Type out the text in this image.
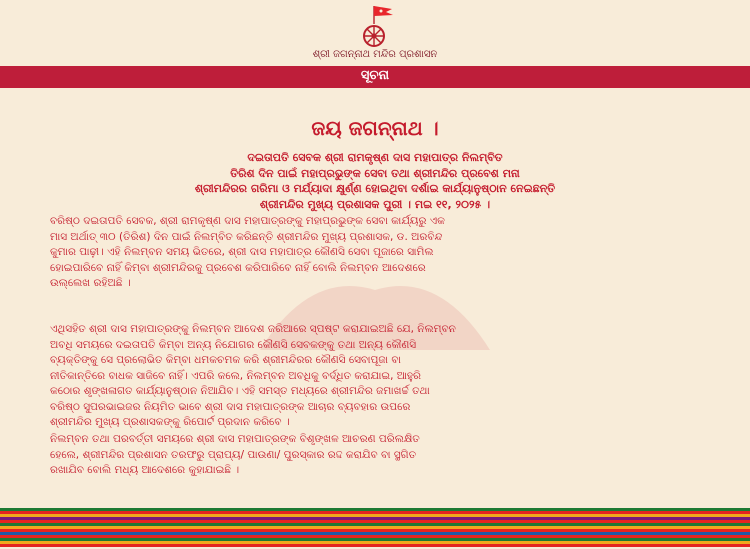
ଶ୍ରୀ ଜଗନ୍ନାଥ ମନ୍ଦିର ପ୍ରଶାସନ
ସୂଚନା
ଜୟ ଜଗନ୍ନାଥ ।
ଦଇତାପତି ସେବକ ଶ୍ରୀ ରାମକୃଷ୍ଣ ଦାସ ମହାପାତ୍ର ନିଲମ୍ବିତ
ତିରିଶ ଦିନ ପାଇଁ ମହାପ୍ରଭୁଙ୍କ ସେବା ତଥା ଶ୍ରୀମନ୍ଦିର ପ୍ରବେଶ ମନା
ଶ୍ରୀମନ୍ଦିରର ଗରିମା ଓ ମର୍ଯ୍ୟାଦା କ୍ଷୁର୍ଣ୍ଣ ହୋଇଥିବା ଦର୍ଶାଇ କାର୍ଯ୍ୟାନୁଷ୍ଠାନ ନେଇଛନ୍ତି
ଶ୍ରୀମନ୍ଦିର ମୁଖ୍ୟ ପ୍ରଶାସକ ପୁରୀ । ମଇ ୧୧, ୨୦୨୫ ।
ବରିଷ୍ଠ ଦଇତାପତି ସେବକ, ଶ୍ରୀ ରାମକୃଷ୍ଣ ଦାସ ମହାପାତ୍ରଙ୍କୁ ମହାପ୍ରଭୁଙ୍କ ସେବା କାର୍ଯ୍ୟରୁ ଏକ
ମାସ ଅର୍ଥାତ୍ ୩୦ (ତିରିଶ) ଦିନ ପାଇଁ ନିଲମ୍ବିତ କରିଛନ୍ତି ଶ୍ରୀମନ୍ଦିର ମୁଖ୍ୟ ପ୍ରଶାସକ, ଡ. ଅରବିନ୍ଦ
କୁମାର ପାଢ଼ୀ। ଏହି ନିଲମ୍ବନ ସମୟ ଭିତରେ, ଶ୍ରୀ ଦାସ ମହାପାତ୍ର କୌଣସି ସେବା ପୂଜାରେ ସାମିଲ
ହୋଇପାରିବେ ନାହିଁ କିମ୍ବା ଶ୍ରୀମନ୍ଦିରକୁ ପ୍ରବେଶ କରିପାରିବେ ନାହିଁ ବୋଲି ନିଲମ୍ବନ ଆଦେଶରେ
ଉଲ୍ଲେଖ ରହିଅଛି ।
ଏଥିସହିତ ଶ୍ରୀ ଦାସ ମହାପାତ୍ରଙ୍କୁ ନିଲମ୍ବନ ଆଦେଶ ଜରିଆରେ ସ୍ପଷ୍ଟ କରାଯାଇଅଛି ଯେ, ନିଲମ୍ବନ
ଅବଧି ସମୟରେ ଦଇତାପତି କିମ୍ବା ଅନ୍ୟ ନିଯୋଗର କୌଣସି ସେବକଙ୍କୁ ତଥା ଅନ୍ୟ କୌଣସି
ବ୍ୟକ୍ତିଙ୍କୁ ସେ ପ୍ରଲୋଭିତ କିମ୍ବା ଧମକଚମକ କରି ଶ୍ରୀମନ୍ଦିରର କୌଣସି ସେବାପୂଜା ବା
ନୀତିକାନ୍ତିରେ ବାଧକ ସାଜିବେ ନାହିଁ। ଏପରି କଲେ, ନିଲମ୍ବନ ଅବଧିକୁ ବର୍ଦ୍ଧିତ କରାଯାଇ, ଆହୁରି
କଠୋର ଶୃଙ୍ଖଳାଗତ କାର୍ଯ୍ୟାନୁଷ୍ଠାନ ନିଆଯିବ। ଏହି ସମସ୍ତ ମଧ୍ୟରେ ଶ୍ରୀମନ୍ଦିର ଜମାଖର୍ଚ୍ଚ ତଥା
ବରିଷ୍ଠ ସୁପରଭାଇଜର ନିୟମିତ ଭାବେ ଶ୍ରୀ ଦାସ ମହାପାତ୍ରଙ୍କ ଆଚାର ବ୍ୟବହାର ଉପରେ
ଶ୍ରୀମନ୍ଦିର ମୁଖ୍ୟ ପ୍ରଶାସକଙ୍କୁ ରିପୋର୍ଟ ପ୍ରଦାନ କରିବେ ।
ନିଲମ୍ବନ ତଥା ପରବର୍ତ୍ତୀ ସମୟରେ ଶ୍ରୀ ଦାସ ମହାପାତ୍ରଙ୍କ ବିଶୃଙ୍ଖଳ ଆଚରଣ ପରିଲକ୍ଷିତ
ହେଲେ, ଶ୍ରୀମନ୍ଦିର ପ୍ରଶାସନ ତରଫରୁ ପ୍ରାପ୍ୟ/ ପାଉଣା/ ପୁରସ୍କାର ରଦ୍ଦ କରାଯିବ ବା ସ୍ଥଗିତ
ରଖାଯିବ ବୋଲି ମଧ୍ୟ ଆଦେଶରେ କୁହାଯାଇଛି ।
